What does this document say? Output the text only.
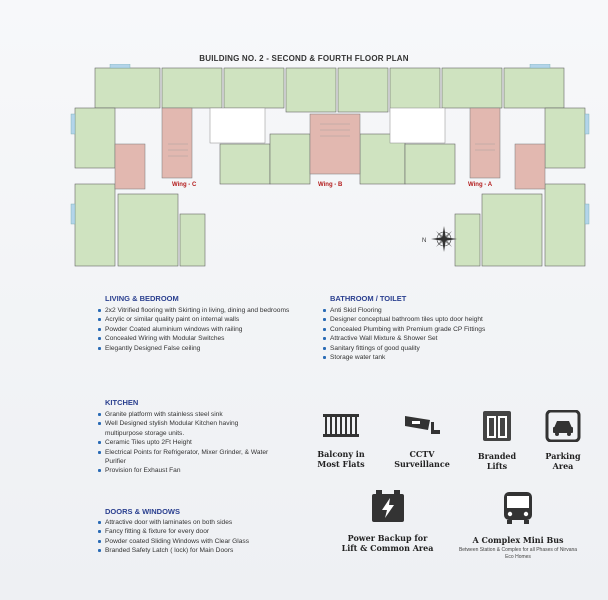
BUILDING NO. 2 - SECOND & FOURTH FLOOR PLAN
Wing - C	Wing - B	Wing - A
N
LIVING & BEDROOM
2x2 Vitrified flooring with Skirting in living, dining and bedrooms
Acrylic or similar quality paint on internal walls
Powder Coated aluminium windows with railing
Concealed Wiring with Modular Switches
Elegantly Designed False ceiling
KITCHEN
Granite platform with stainless steel sink
Well Designed stylish Modular Kitchen having multipurpose storage units.
Ceramic Tiles upto 2Ft Height
Electrical Points for Refrigerator, Mixer Grinder, & Water Purifier
Provision for Exhaust Fan
DOORS & WINDOWS
Attractive door with laminates on both sides
Fancy fitting & fixture for every door
Powder coated Sliding Windows with Clear Glass
Branded Safety Latch ( lock) for Main Doors
BATHROOM / TOILET
Anti Skid Flooring
Designer conceptual bathroom tiles upto door height
Concealed Plumbing with Premium grade CP Fittings
Attractive Wall Mixture & Shower Set
Sanitary fittings of good quality
Storage water tank
Balcony in
Most Flats
CCTV
Surveillance
Branded
Lifts
Parking
Area
Power Backup for
Lift & Common Area
A Complex Mini Bus
Between Station & Complex for all Phases of Nirvana Eco Homes
